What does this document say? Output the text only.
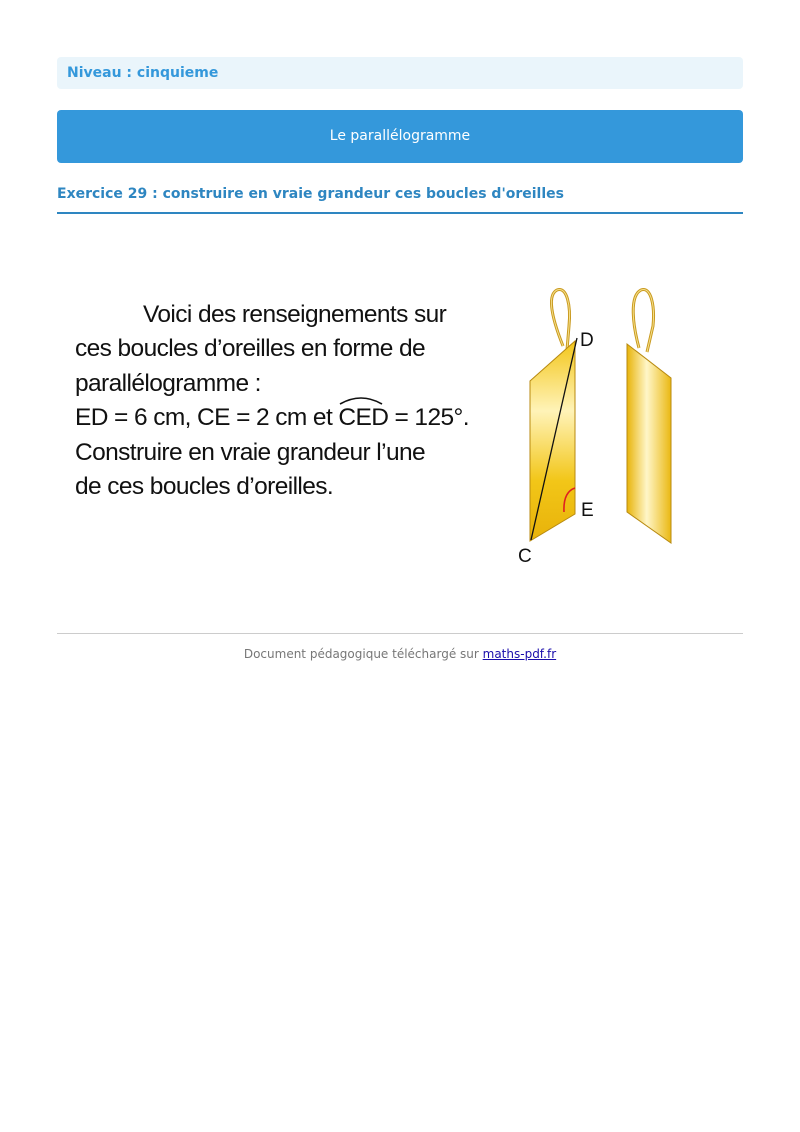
Niveau : cinquieme
Le parallélogramme
Exercice 29 : construire en vraie grandeur ces boucles d'oreilles
Voici des renseignements sur
ces boucles d’oreilles en forme de
parallélogramme :
ED = 6 cm, CE = 2 cm et
CED = 125°.
Construire en vraie grandeur l’une
de ces boucles d’oreilles.
D
E
C
Document pédagogique téléchargé sur maths-pdf.fr
